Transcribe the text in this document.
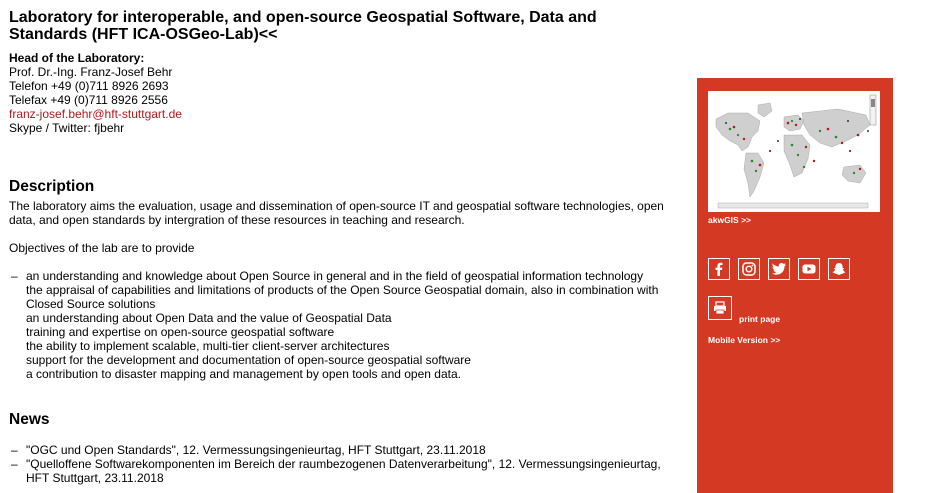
Laboratory for interoperable, and open-source Geospatial Software, Data and Standards (HFT ICA-OSGeo-Lab)<<
Head of the Laboratory:
Prof. Dr.-Ing. Franz-Josef Behr
Telefon +49 (0)711 8926 2693
Telefax +49 (0)711 8926 2556
franz-josef.behr@hft-stuttgart.de
Skype / Twitter: fjbehr
Description

The laboratory aims the evaluation, usage and dissemination of open-source IT and geospatial software technologies, open data, and open standards by intergration of these resources in teaching and research.

Objectives of the lab are to provide

– an understanding and knowledge about Open Source in general and in the field of geospatial information technology
the appraisal of capabilities and limitations of products of the Open Source Geospatial domain, also in combination with Closed Source solutions
an understanding about Open Data and the value of Geospatial Data
training and expertise on open-source geospatial software
the ability to implement scalable, multi-tier client-server architectures
support for the development and documentation of open-source geospatial software
a contribution to disaster mapping and management by open tools and open data.
News
– "OGC und Open Standards", 12. Vermessungsingenieurtag, HFT Stuttgart, 23.11.2018
– "Quelloffene Softwarekomponenten im Bereich der raumbezogenen Datenverarbeitung", 12. Vermessungsingenieurtag, HFT Stuttgart, 23.11.2018
akwGIS >>
print page
Mobile Version >>
